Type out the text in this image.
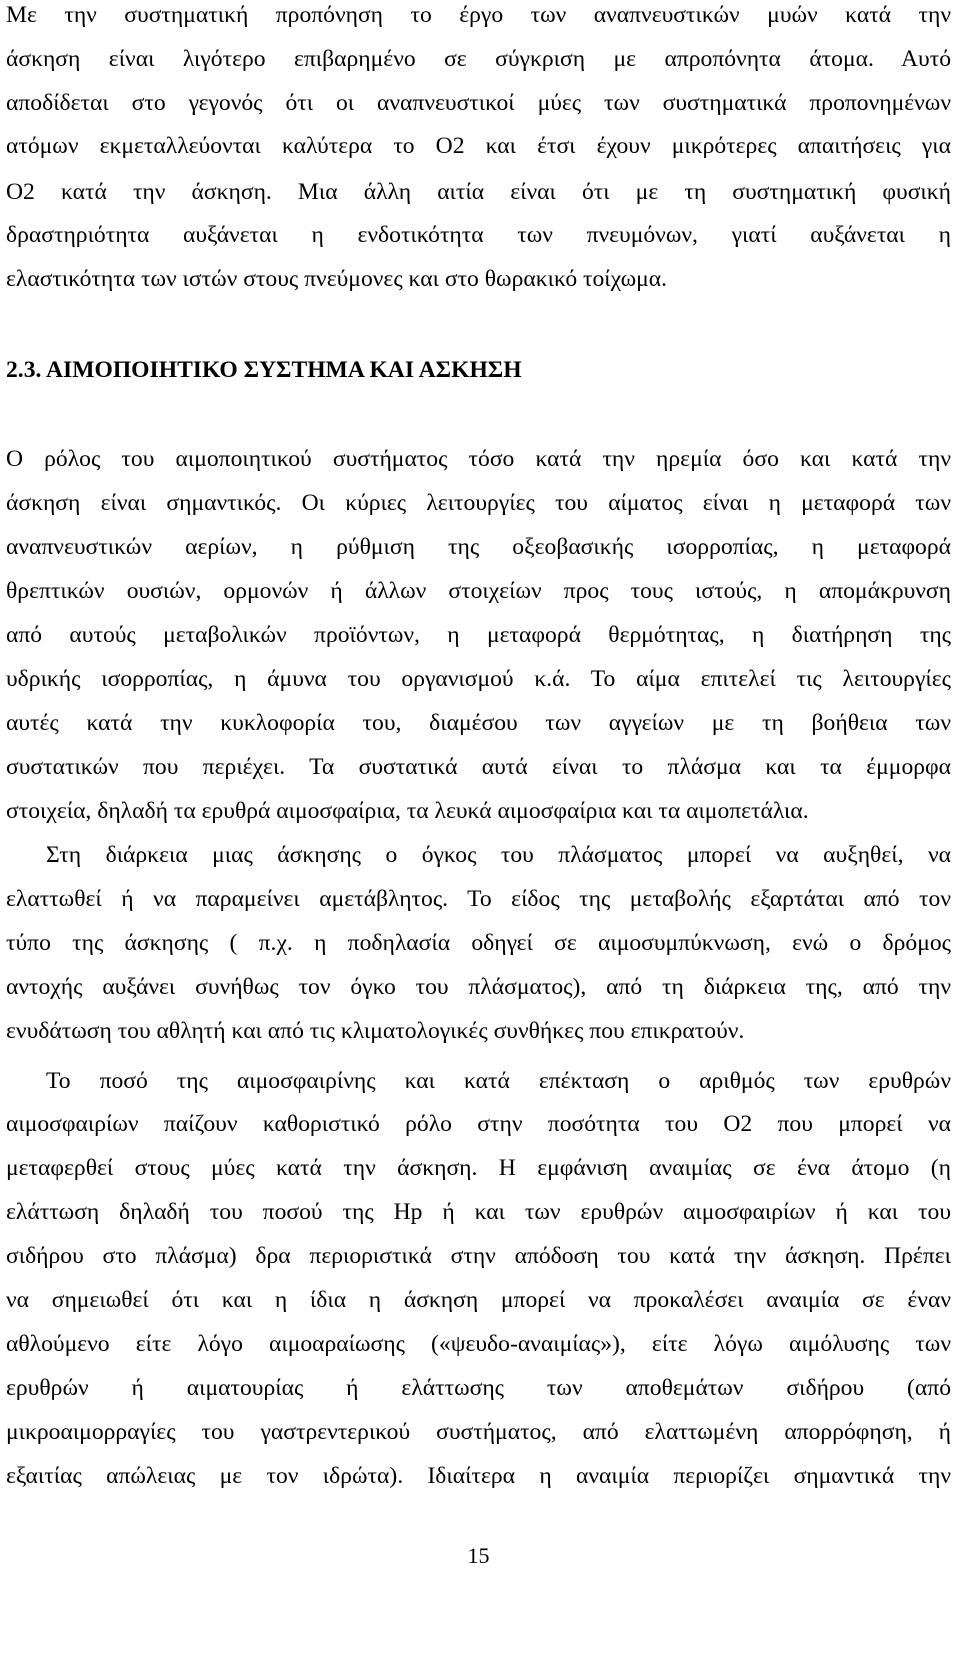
Με την συστηματική προπόνηση το έργο των αναπνευστικών μυών κατά την
άσκηση είναι λιγότερο επιβαρημένο σε σύγκριση με απροπόνητα άτομα. Αυτό
αποδίδεται στο γεγονός ότι οι αναπνευστικοί μύες των συστηματικά προπονημένων
ατόμων εκμεταλλεύονται καλύτερα το O2 και έτσι έχουν μικρότερες απαιτήσεις για
O2 κατά την άσκηση. Μια άλλη αιτία είναι ότι με τη συστηματική φυσική
δραστηριότητα αυξάνεται η ενδοτικότητα των πνευμόνων, γιατί αυξάνεται η
ελαστικότητα των ιστών στους πνεύμονες και στο θωρακικό τοίχωμα.
2.3. ΑΙΜΟΠΟΙΗΤΙΚΟ ΣΥΣΤΗΜΑ ΚΑΙ ΑΣΚΗΣΗ
Ο ρόλος του αιμοποιητικού συστήματος τόσο κατά την ηρεμία όσο και κατά την
άσκηση είναι σημαντικός. Οι κύριες λειτουργίες του αίματος είναι η μεταφορά των
αναπνευστικών αερίων, η ρύθμιση της οξεοβασικής ισορροπίας, η μεταφορά
θρεπτικών ουσιών, ορμονών ή άλλων στοιχείων προς τους ιστούς, η απομάκρυνση
από αυτούς μεταβολικών προϊόντων, η μεταφορά θερμότητας, η διατήρηση της
υδρικής ισορροπίας, η άμυνα του οργανισμού κ.ά. Το αίμα επιτελεί τις λειτουργίες
αυτές κατά την κυκλοφορία του, διαμέσου των αγγείων με τη βοήθεια των
συστατικών που περιέχει. Τα συστατικά αυτά είναι το πλάσμα και τα έμμορφα
στοιχεία, δηλαδή τα ερυθρά αιμοσφαίρια, τα λευκά αιμοσφαίρια και τα αιμοπετάλια.
Στη διάρκεια μιας άσκησης ο όγκος του πλάσματος μπορεί να αυξηθεί, να
ελαττωθεί ή να παραμείνει αμετάβλητος. Το είδος της μεταβολής εξαρτάται από τον
τύπο της άσκησης ( π.χ. η ποδηλασία οδηγεί σε αιμοσυμπύκνωση, ενώ ο δρόμος
αντοχής αυξάνει συνήθως τον όγκο του πλάσματος), από τη διάρκεια της, από την
ενυδάτωση του αθλητή και από τις κλιματολογικές συνθήκες που επικρατούν.
Το ποσό της αιμοσφαιρίνης και κατά επέκταση ο αριθμός των ερυθρών
αιμοσφαιρίων παίζουν καθοριστικό ρόλο στην ποσότητα του O2 που μπορεί να
μεταφερθεί στους μύες κατά την άσκηση. Η εμφάνιση αναιμίας σε ένα άτομο (η
ελάττωση δηλαδή του ποσού της Hp ή και των ερυθρών αιμοσφαιρίων ή και του
σιδήρου στο πλάσμα) δρα περιοριστικά στην απόδοση του κατά την άσκηση. Πρέπει
να σημειωθεί ότι και η ίδια η άσκηση μπορεί να προκαλέσει αναιμία σε έναν
αθλούμενο είτε λόγο αιμοαραίωσης («ψευδο-αναιμίας»), είτε λόγω αιμόλυσης των
ερυθρών ή αιματουρίας ή ελάττωσης των αποθεμάτων σιδήρου (από
μικροαιμορραγίες του γαστρεντερικού συστήματος, από ελαττωμένη απορρόφηση, ή
εξαιτίας απώλειας με τον ιδρώτα). Ιδιαίτερα η αναιμία περιορίζει σημαντικά την
15
